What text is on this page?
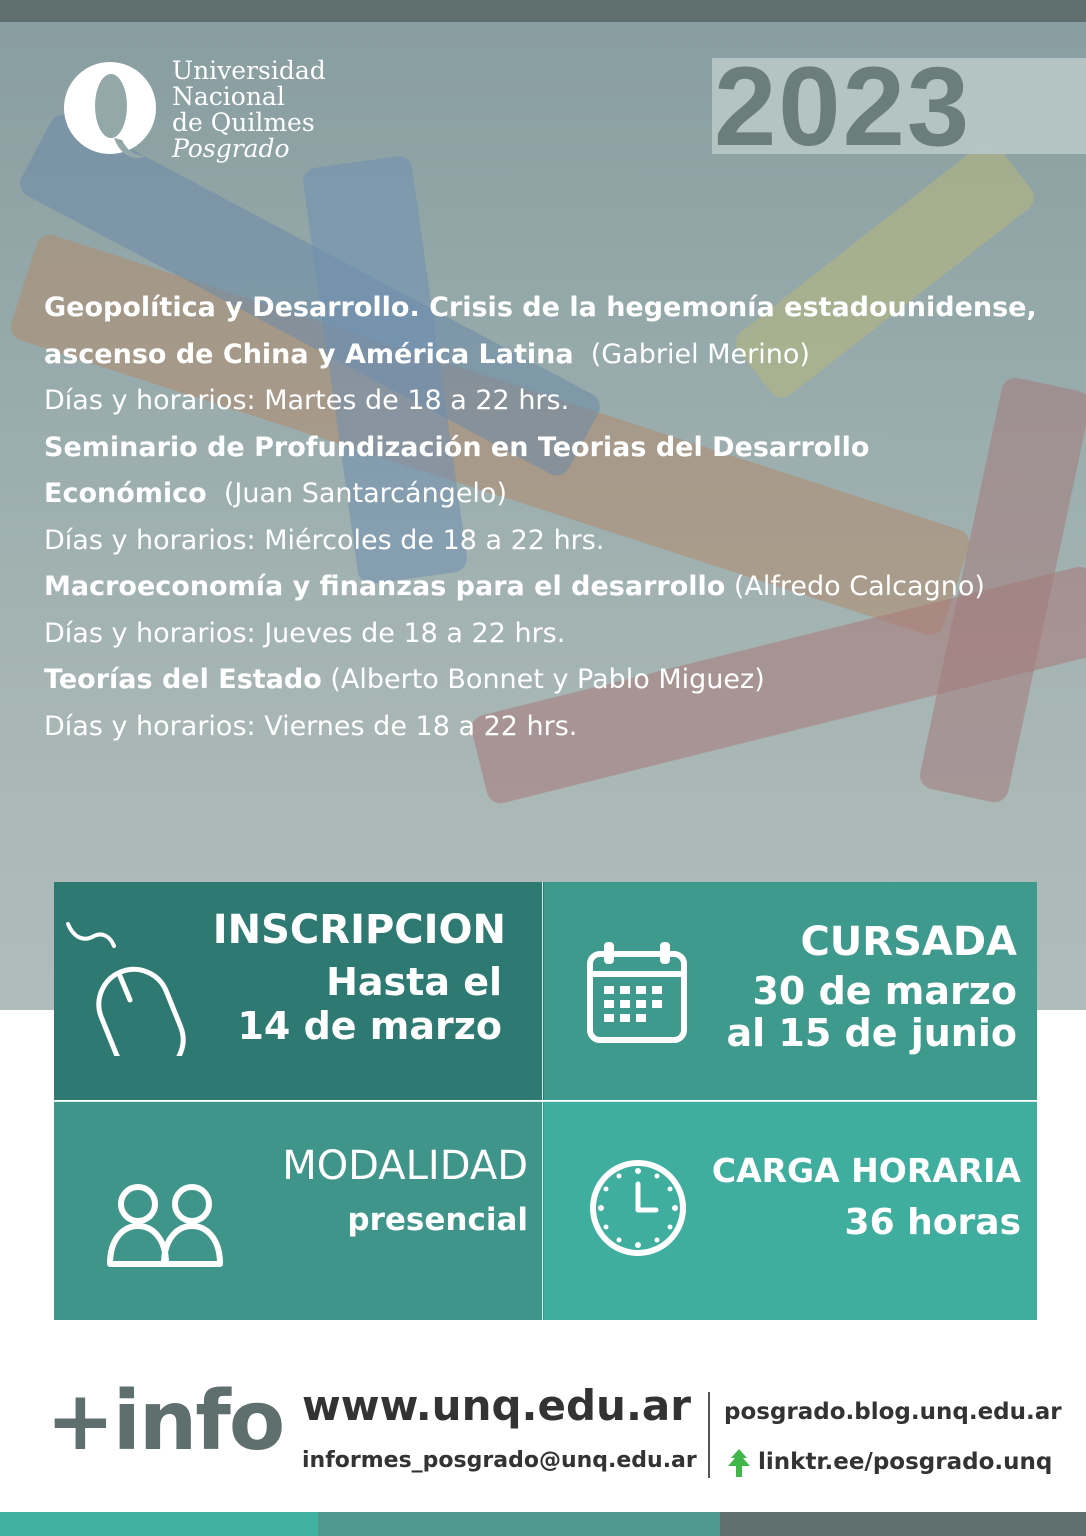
Universidad
Nacional
de Quilmes
Posgrado	2023

Geopolítica y Desarrollo. Crisis de la hegemonía estadounidense, ascenso de China y América Latina (Gabriel Merino)

Días y horarios: Martes de 18 a 22 hrs.

Seminario de Profundización en Teorias del Desarrollo Económico (Juan Santarcángelo)

Días y horarios: Miércoles de 18 a 22 hrs.

Macroeconomía y finanzas para el desarrollo (Alfredo Calcagno)

Días y horarios: Jueves de 18 a 22 hrs.

Teorías del Estado (Alberto Bonnet y Pablo Miguez)

Días y horarios: Viernes de 18 a 22 hrs.

INSCRIPCION
Hasta el
14 de marzo
CURSADA
30 de marzo
al 15 de junio
MODALIDAD
presencial
CARGA HORARIA
36 horas
+info www.unq.edu.ar
informes_posgrado@unq.edu.ar
posgrado.blog.unq.edu.ar
linktr.ee/posgrado.unq
